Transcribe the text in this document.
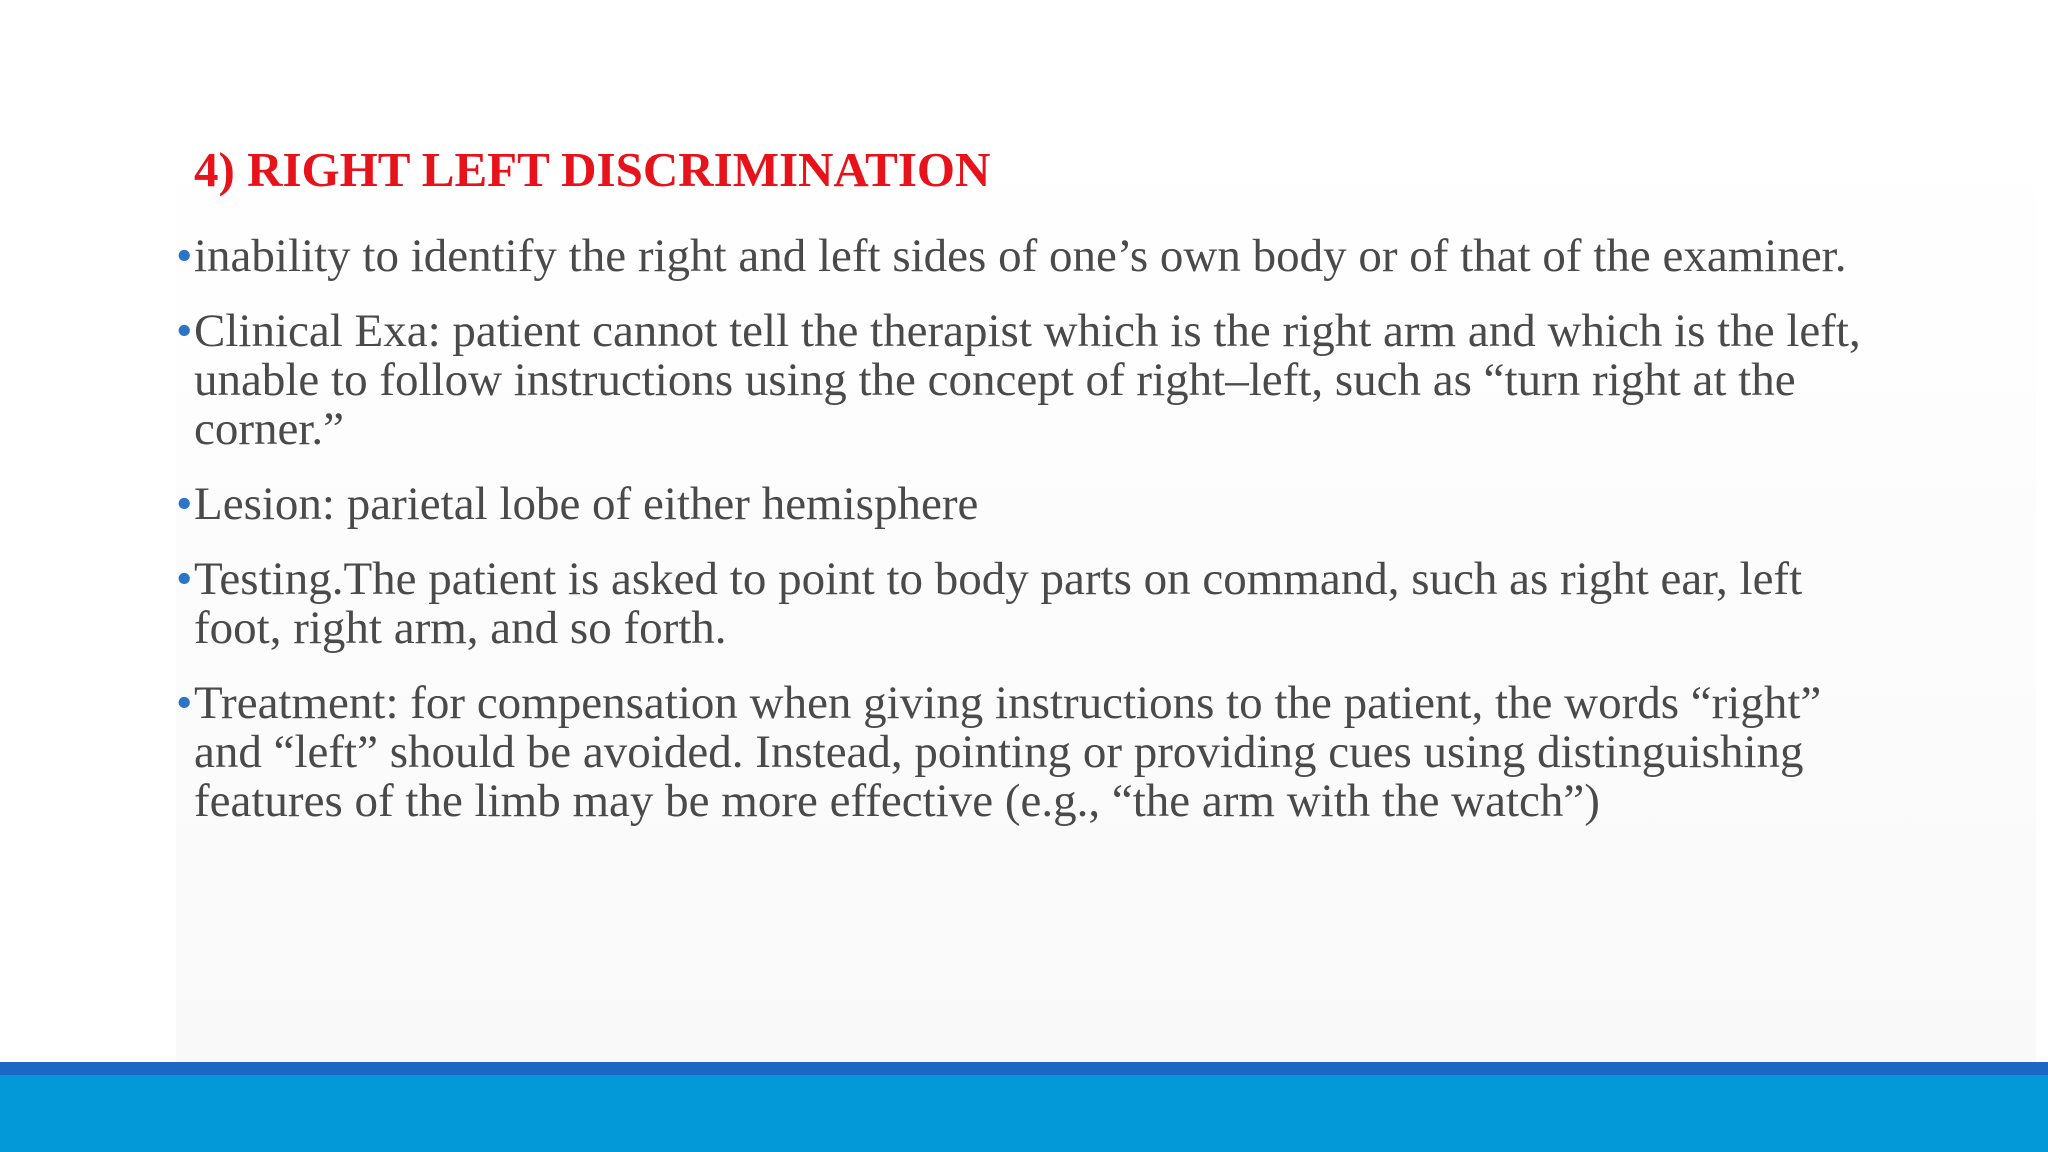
4) RIGHT LEFT DISCRIMINATION
• inability to identify the right and left sides of one’s own body or of that of the examiner.
• Clinical Exa: patient cannot tell the therapist which is the right arm and which is the left, unable to follow instructions using the concept of right–left, such as “turn right at the corner.”
• Lesion: parietal lobe of either hemisphere
• Testing.The patient is asked to point to body parts on command, such as right ear, left foot, right arm, and so forth.
• Treatment: for compensation when giving instructions to the patient, the words “right” and “left” should be avoided. Instead, pointing or providing cues using distinguishing features of the limb may be more effective (e.g., “the arm with the watch”)
